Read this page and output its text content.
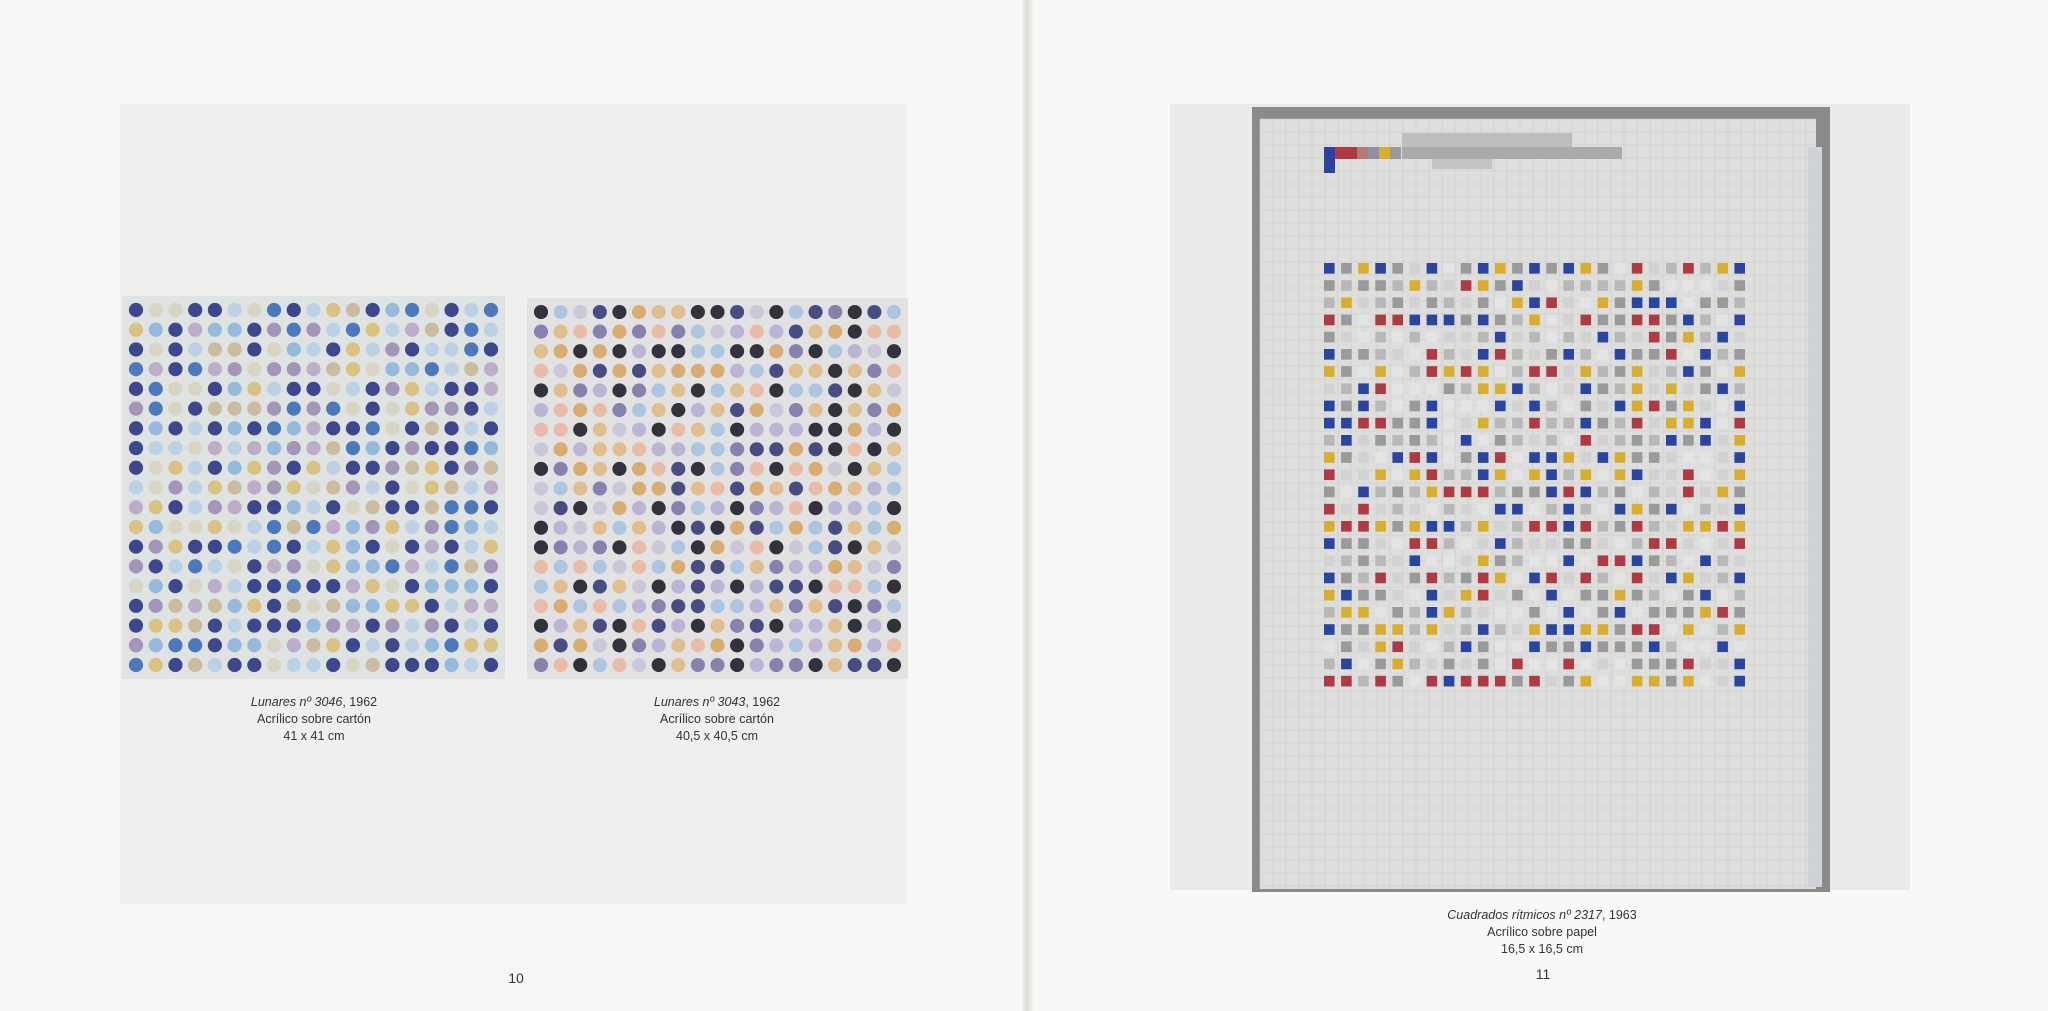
Lunares nº 3046, 1962
Acrílico sobre cartón
41 x 41 cm
Lunares nº 3043, 1962
Acrílico sobre cartón
40,5 x 40,5 cm
Cuadrados rítmicos nº 2317, 1963
Acrílico sobre papel
16,5 x 16,5 cm
10	11
